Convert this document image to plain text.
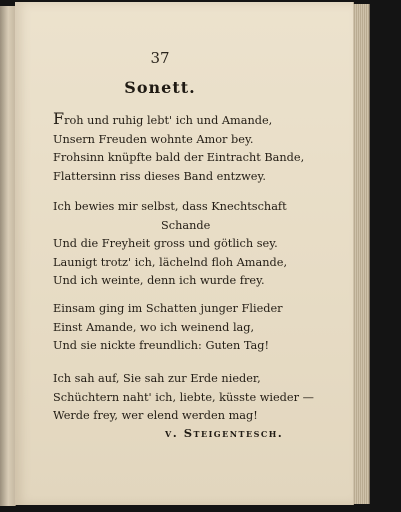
37
Sonett.
Froh und ruhig lebt' ich und Amande,
Unsern Freuden wohnte Amor bey.
Frohsinn knüpfte bald der Eintracht Bande,
Flattersinn riss dieses Band entzwey.
Ich bewies mir selbst, dass Knechtschaft
Schande
Und die Freyheit gross und götlich sey.
Launigt trotz' ich, lächelnd floh Amande,
Und ich weinte, denn ich wurde frey.
Einsam ging im Schatten junger Flieder
Einst Amande, wo ich weinend lag,
Und sie nickte freundlich: Guten Tag!
Ich sah auf, Sie sah zur Erde nieder,
Schüchtern naht' ich, liebte, küsste wieder —
Werde frey, wer elend werden mag!
v. Steigentesch.
